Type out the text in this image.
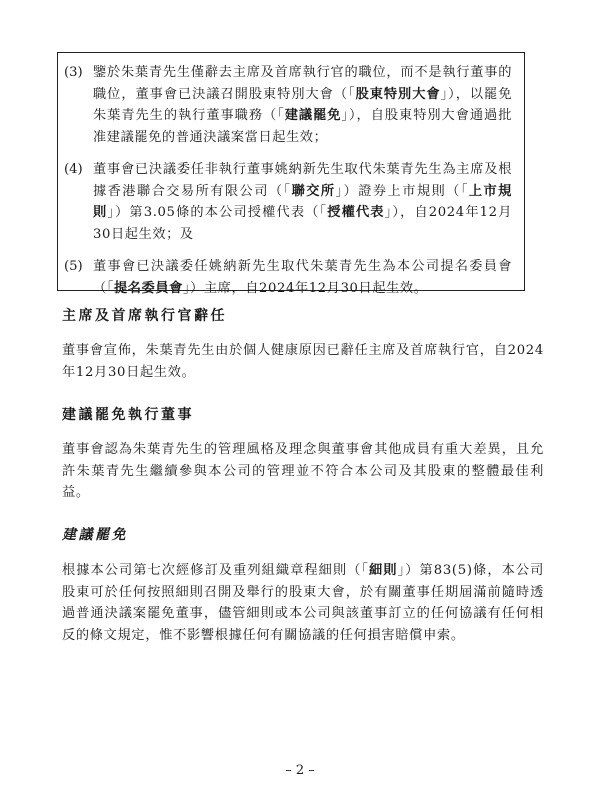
(3) 鑒於朱葉青先生僅辭去主席及首席執行官的職位，而不是執行董事的職位，董事會已決議召開股東特別大會（「股東特別大會」），以罷免朱葉青先生的執行董事職務（「建議罷免」），自股東特別大會通過批准建議罷免的普通決議案當日起生效；
(4) 董事會已決議委任非執行董事姚納新先生取代朱葉青先生為主席及根據香港聯合交易所有限公司（「聯交所」）證券上市規則（「上市規則」）第3.05條的本公司授權代表（「授權代表」），自2024年12月30日起生效；及
(5) 董事會已決議委任姚納新先生取代朱葉青先生為本公司提名委員會（「提名委員會」）主席，自2024年12月30日起生效。
主席及首席執行官辭任
董事會宣佈，朱葉青先生由於個人健康原因已辭任主席及首席執行官，自2024年12月30日起生效。
建議罷免執行董事
董事會認為朱葉青先生的管理風格及理念與董事會其他成員有重大差異，且允許朱葉青先生繼續參與本公司的管理並不符合本公司及其股東的整體最佳利益。
建議罷免
根據本公司第七次經修訂及重列組織章程細則（「細則」）第83(5)條，本公司股東可於任何按照細則召開及舉行的股東大會，於有關董事任期屆滿前隨時透過普通決議案罷免董事，儘管細則或本公司與該董事訂立的任何協議有任何相反的條文規定，惟不影響根據任何有關協議的任何損害賠償申索。
– 2 –
